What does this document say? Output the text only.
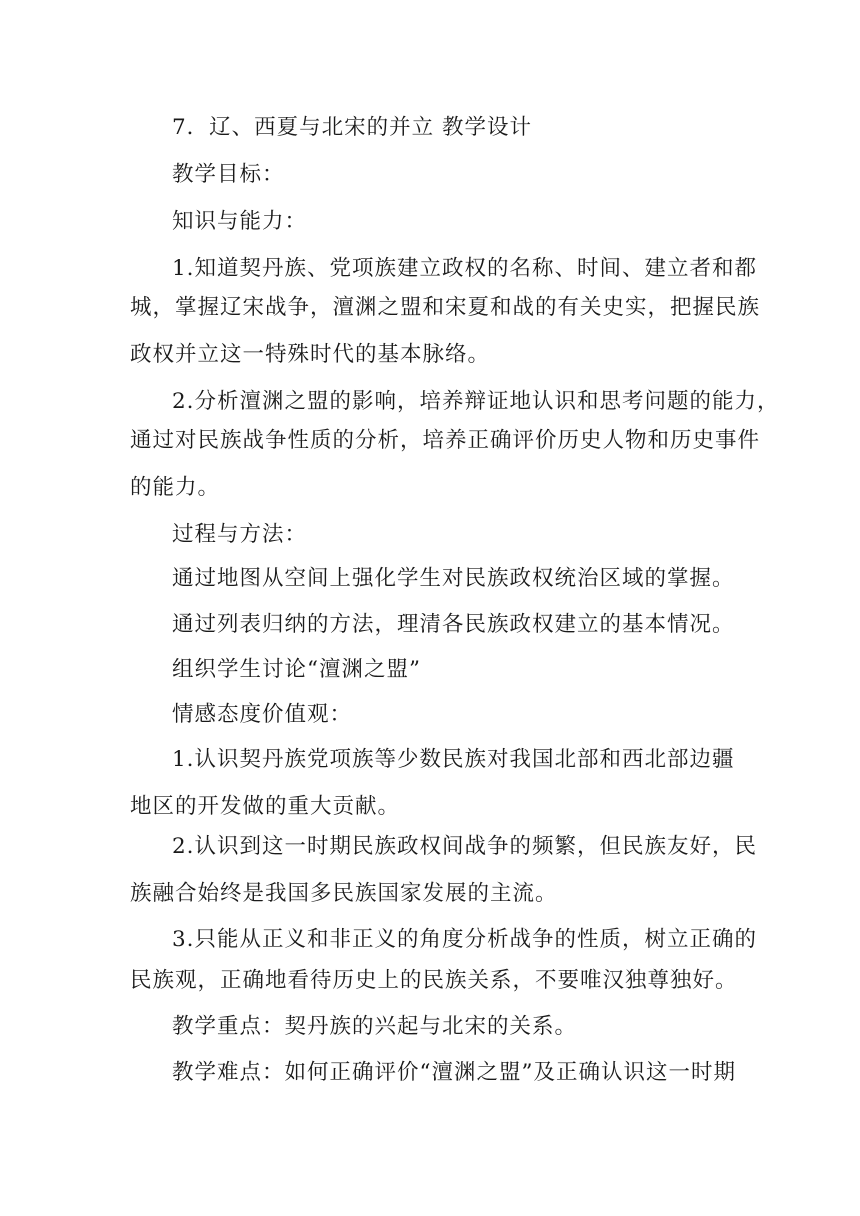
7．辽、西夏与北宋的并立 教学设计
教学目标：
知识与能力：
1.知道契丹族、党项族建立政权的名称、时间、建立者和都
城，掌握辽宋战争，澶渊之盟和宋夏和战的有关史实，把握民族
政权并立这一特殊时代的基本脉络。
2.分析澶渊之盟的影响，培养辩证地认识和思考问题的能力，
通过对民族战争性质的分析，培养正确评价历史人物和历史事件
的能力。
过程与方法：
通过地图从空间上强化学生对民族政权统治区域的掌握。
通过列表归纳的方法，理清各民族政权建立的基本情况。
组织学生讨论“澶渊之盟”
情感态度价值观：
1.认识契丹族党项族等少数民族对我国北部和西北部边疆
地区的开发做的重大贡献。
2.认识到这一时期民族政权间战争的频繁，但民族友好，民
族融合始终是我国多民族国家发展的主流。
3.只能从正义和非正义的角度分析战争的性质，树立正确的
民族观，正确地看待历史上的民族关系，不要唯汉独尊独好。
教学重点：契丹族的兴起与北宋的关系。
教学难点：如何正确评价“澶渊之盟”及正确认识这一时期
